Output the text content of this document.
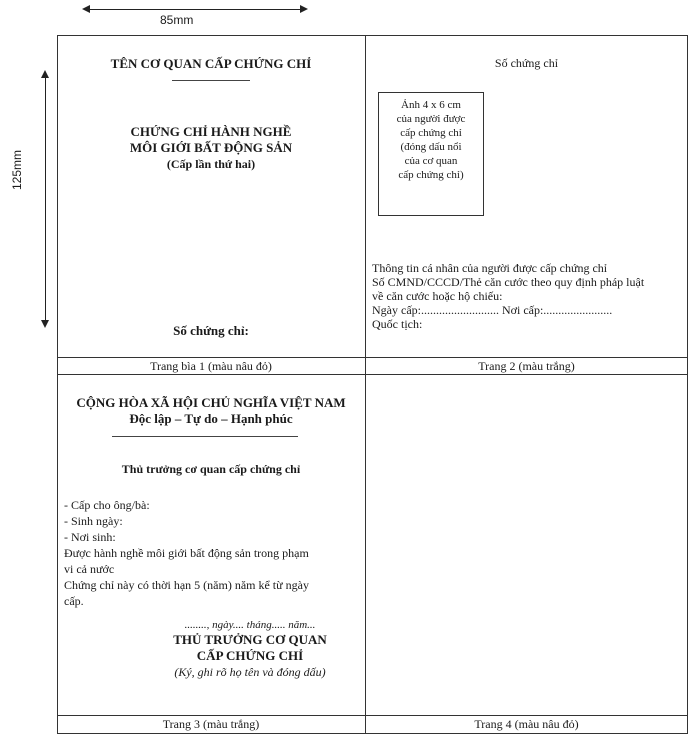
85mm
125mm
TÊN CƠ QUAN CẤP CHỨNG CHỈ
CHỨNG CHỈ HÀNH NGHỀ
MÔI GIỚI BẤT ĐỘNG SẢN
(Cấp lần thứ hai)
Số chứng chỉ:
Trang bìa 1 (màu nâu đỏ)
Số chứng chỉ
Ảnh 4 x 6 cm
của người được
cấp chứng chỉ
(đóng dấu nổi
của cơ quan
cấp chứng chỉ)
Thông tin cá nhân của người được cấp chứng chỉ
Số CMND/CCCD/Thẻ căn cước theo quy định pháp luật
về căn cước hoặc hộ chiếu:
Ngày cấp:.......................... Nơi cấp:.......................
Quốc tịch:
Trang 2 (màu trắng)
CỘNG HÒA XÃ HỘI CHỦ NGHĨA VIỆT NAM
Độc lập – Tự do – Hạnh phúc
Thủ trưởng cơ quan cấp chứng chỉ
- Cấp cho ông/bà:
- Sinh ngày:
- Nơi sinh:
Được hành nghề môi giới bất động sản trong phạm
vi cả nước
Chứng chỉ này có thời hạn 5 (năm) năm kể từ ngày
cấp.
........, ngày.... tháng..... năm...
THỦ TRƯỞNG CƠ QUAN
CẤP CHỨNG CHỈ
(Ký, ghi rõ họ tên và đóng dấu)
Trang 3 (màu trắng)	Trang 4 (màu nâu đỏ)
